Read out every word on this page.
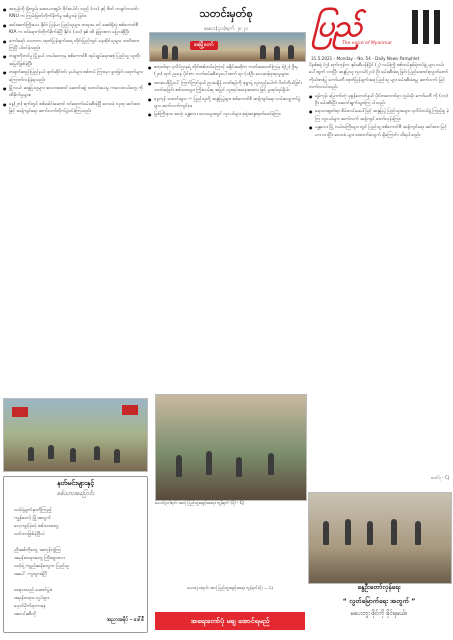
● အာပ္ပန်ဘို ရိုးကွမ်း အေးယားရှမ်း ဝိုင်းပေါင်း သည် (၁၁) နှင့် စိတ် ကချင်ကသင်း KNU က ကြမ်းဖြတ်တိုက်ခိုက်မှု ဖစ်ပွားခဲ့ ခြင်း။

● အင်းဆက်ကြိုးယေ နိုင်ငံ မြန်မာ ပြည်သူများ တရားမ ၀င် ဆော်ရိုးပုံ စစ်ကောင်စီ KIA က ဝင်ရောက်တိုက်ခိုက်ခဲ့ပြီ နိုင်ငံ (၁၀) နှစ် ထိ ခွဲခြားတာ ပြောဆိုပြီ။

● ကော်ရော် သဟာက ထုတ်ပြန်ချက်အရ တိုင်းပြည်တွင် နေထိုင်သူများ သတိထားကြပြီ ပါဝင်ခဲ့သည်။

● တရွာကိုတင်မှု မြို့နယ် ဘယ်တော့မှ စစ်ကောင်စီ အုပ်ချုပ်ရေးအစုံ ပြည်သူ့ သူတိုး အမြင်ဖြစ်ခဲ့ပြီ။

● တရုတ်ဆည်းပြည်နယ် ဖုတ်ဆိုင်ဝင်း နယ်များ စစ်တပ် ကြားမှာ ဖွားခြင်း ရောဂါများ ကြောက်လန့်ခဲ့ရသည်။

● မြို့လယ် ဆန္ဒပြသူများ အသားစေ၀င် ဆောင်းဆွဲ သတင်းပေးမှု ကလေးငယ်တွေ ကို ထိခိုက်မှုများ။

● နေ့(၂၈) ရက်တွင် စစ်ခေါင်းဆောင် ဝင်ရောက်ဖမ်းဆီးခဲ့ပြီ ဒေသခံ လူထု အင်အား ဖြင့် ဆန့်ကျင်ရေး ဆက်လက်တိုက်ပွဲဝင်ခဲ့ကြသည်။

နတ်မင်းများနှင့်
စစ်သားအပြောင်း
သင့်ရဲ့မျက်နှာကိုကြည့်
ကျွန်တော့် မြို့အတွက်
လေ့ကျင့်ခဲ့တဲ့ စစ်သားတွေ
သင်ဘာဖြစ်ခဲ့ပြီလဲ

ညီအစ်ကိုတွေ အကုန်ကွဲကြ
အမုန်းတရားတွေ ကြီးထွားလာ
သင့်ရဲ့ ကျည်ဆန်တွေက ပြည်သူ
အပေါ် ကျသွားခဲ့ပြီ

တရားသည် အောင်ပွဲခံ
အမှန်တရား လှုပ်ရှား
မှောင်မိုက်ရာကနေ
အလင်းဆီကို
အညာအရိပ် - ဒေါ်စီ
သတင်းမှတ်စု
မေလ(၃၁)ရက် ၂၀၂၁
မေမြို့တော်

● စတုတ်ရာ ပုလိပ်ဌာနရဲ့ တိုင်းစစ်တပ်ကြောင့် ခရိုင်အဆိုက ကတ်အဖောင်းကြမှ ရဲ(၂) ဦးမှ (၂၈) ရက် ညနေ ပိုင်းက လက်ဖမ်းဆီးလူပေါ်ထက် ရာ (၁)ဦး လေဆန်ရာရာမှုများ။

● ထားဝယ်မြို့ပေါ် ကြက်ကြင်နယ် ညအချိန် လတ်ရမ့်ကို ဒုရွာနဲ့ လူလည်ပေါက် ပိတ်ကိုယ်ခြင်း ဘက်အခြင်း စစ်သားများ ကြိုးလမ်းရ အပြင် လူထုပ်အနေအထား ဖြင့် မှုထုပ်ရပ်ရှိပါ။

● နေ့ကုန် သတင်းများ — ပြည်သူတို့ ဆန္ဒပြပွဲများ စစ်ကောင်စီ ဆန့်ကျင်ရေး လမ်းလျှောက်ပွဲများ ဆက်လက်ကျင်းပ။

● မြစ်ကြီးနား၊ အလုံ၊ မန္တလေး ဒေသများတွင် လူငယ်များ စုရုံးဆန္ဒထုတ်ဖော်ခဲ့ကြ။

မေလ(၃၁)ရက်၊ အလုံ ပြည်သူ့အခွင့်အရေး ကွန်ရက် (ပို) - CJ
မေလ(၃၁)ရက်၊ အလုံ ပြည်သူ့အခွင့်အရေး ကွန်ရက်(ပို) — CJ
အရေးတော်ပုံ မချ အောင်ရမည်
ပြည်
The voice of Myanmar
31.5.2021 - Monday - No. 54 - Daily News Pamphlet

မိနစ်စရုံ (၅) ရက်ကုန်က နှင်းဆီပန်းမြိုင် (၂) လမ်းကြို စစ်တပ်နှင့်ရဲတပ်ဖွဲ့ များ လမ်းပေါ်ထွက် လာပြီး ဆန္ဒပြသူ လူငယ်(၂၀) ဦး ဖမ်းဆီးခံရ ခြင်း ပြည်ထောင်စုလွှတ်တော် ကိုယ်စားပြု ကော်မတီ ထုတ်ပြန်ချက်အရ ပြည်သူ များ ဖမ်းဆီးခံရမှု ဆက်လက် မြင့်တက်လာပါသည်။

● ရန်ကုန်၊ မြောက်ဒဂုံ ပုဇွန်တောင်နယ် ပိုင်တတောင်ရာ လွှမ်းမိုး ကော်မတီ ကို (၁၁) ဦး ဖမ်းဆီးပြီး ဆောင်းရွက်သွားကြ ပါသည်။

● ရေသာဆွတ်ရာ စိမ်းလမ်းမပေါ်ဖြင့် ဆန္ဒပြပွဲ ပြည်သူအများ ပုလိပ်တပ်ဖွဲ့ ကြည့်ရှု ခဲ့ကြ လူငယ်များ ဆက်လက် ဆန့်ကျင် တော်လှန်ခဲ့ကြ။

● မန္တလေး မြို့ လမ်းမကြီးများ တွင် ပြည်သူ့ စစ်ကောင်စီ ဆန့်ကျင်ရေး အင်အား မြင့်မား လာပြီး ဒေသခံ များ ထောက်ခံလျက် ရှိကြောင်း သိရပါသည်။

ဓာတ်ပုံ - CJ
နွေဦးတော်လှန်ရေး
“ လွတ်မြောက်ရေး အတွက် ”
မပေးဘူး ဖိုင်ကို ခိုင်ရမယ်။
